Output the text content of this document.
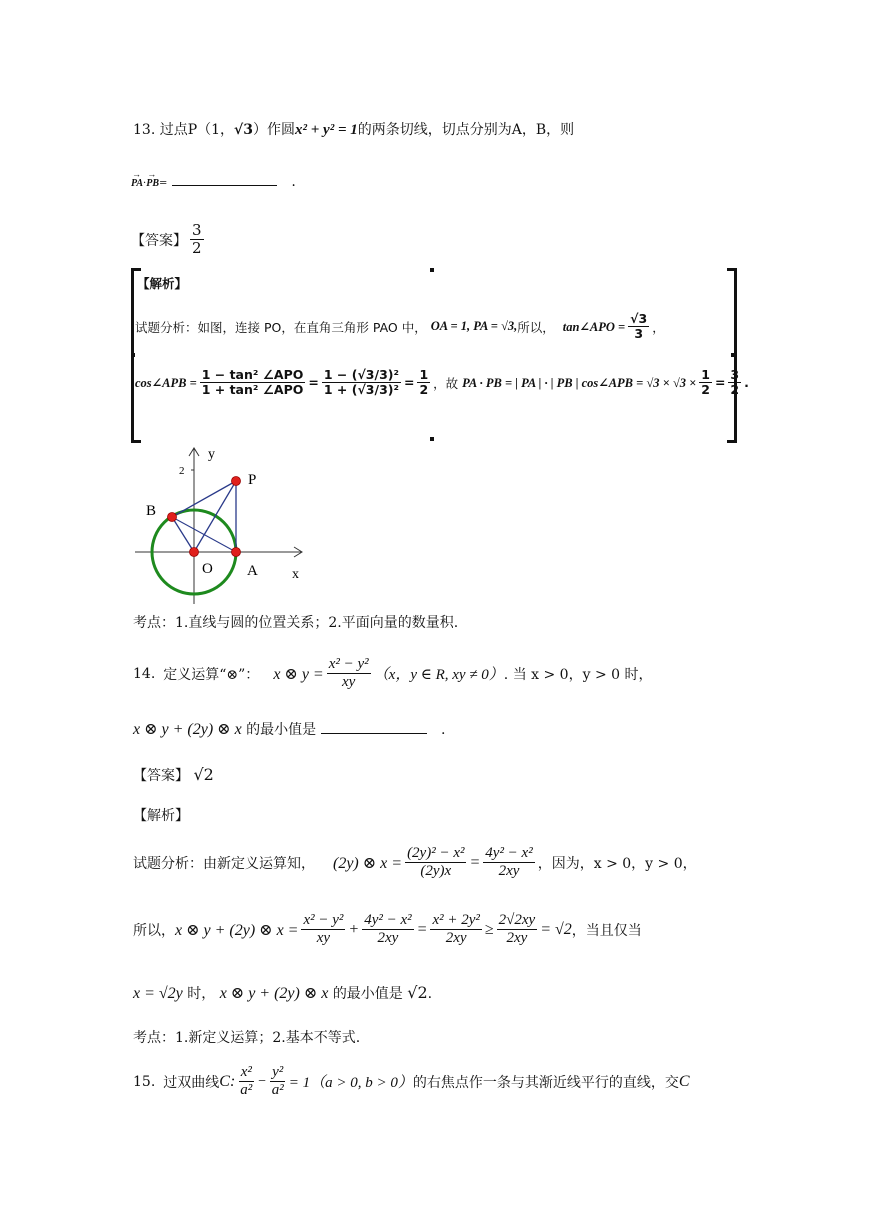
13. 过点P（1，√3）作圆x² + y² = 1的两条切线，切点分别为A，B，则
→
PA·
→
PB=	.
【答案】 $\frac{3}{2}$
【解析】
试题分析：如图，连接 PO，在直角三角形 PAO 中， OA = 1, PA = √3, 所以， tan∠APO = $\frac{√3}{3}$ ，
cos∠APB = $\frac{\text{1 − tan² ∠APO}}{\text{1 + tan² ∠APO}} = \frac{\text{1 − (√3/3)²}}{\text{1 + (√3/3)²}} = \frac{1}{2}$ ，故 PA · PB = | PA | · | PB | cos∠APB = $√3 \times √3 \times \frac{1}{2} = \frac{3}{2}$ .
2
y
x
P
B
O A
考点：1.直线与圆的位置关系；2.平面向量的数量积.
14. 定义运算“⊗”： x ⊗ $y = \frac{\text{x² − y²}}{xy} (x$，y ∈ R, xy ≠ 0） . 当 x > 0，y > 0 时，
x ⊗ y + (2y) ⊗ x 的最小值是	.
【答案】 √2
【解析】
试题分析：由新定义运算知， (2y) ⊗ $x = \frac{\text{(2y)² − x²}}{(2y)x} = \frac{\text{4y² − x²}}{2xy}$ ，因为，x > 0，y > 0，
所以， x ⊗ y + (2y) ⊗ $x = \frac{\text{x² − y²}}{xy} + \frac{\text{4y² − x²}}{2xy} = \frac{\text{x² + 2y²}}{2xy} \ge \frac{2√2xy}{2xy} = √2$ ，当且仅当
x = √2y 时， x ⊗ y + (2y) ⊗ x 的最小值是 √2.
考点：1.新定义运算；2.基本不等式.
15. 过双曲线 C: $\frac{\text{x²}}{\text{a²}} - \frac{\text{y²}}{\text{a²}} = 1(a > 0$, b > 0） 的右焦点作一条与其渐近线平行的直线，交 C
